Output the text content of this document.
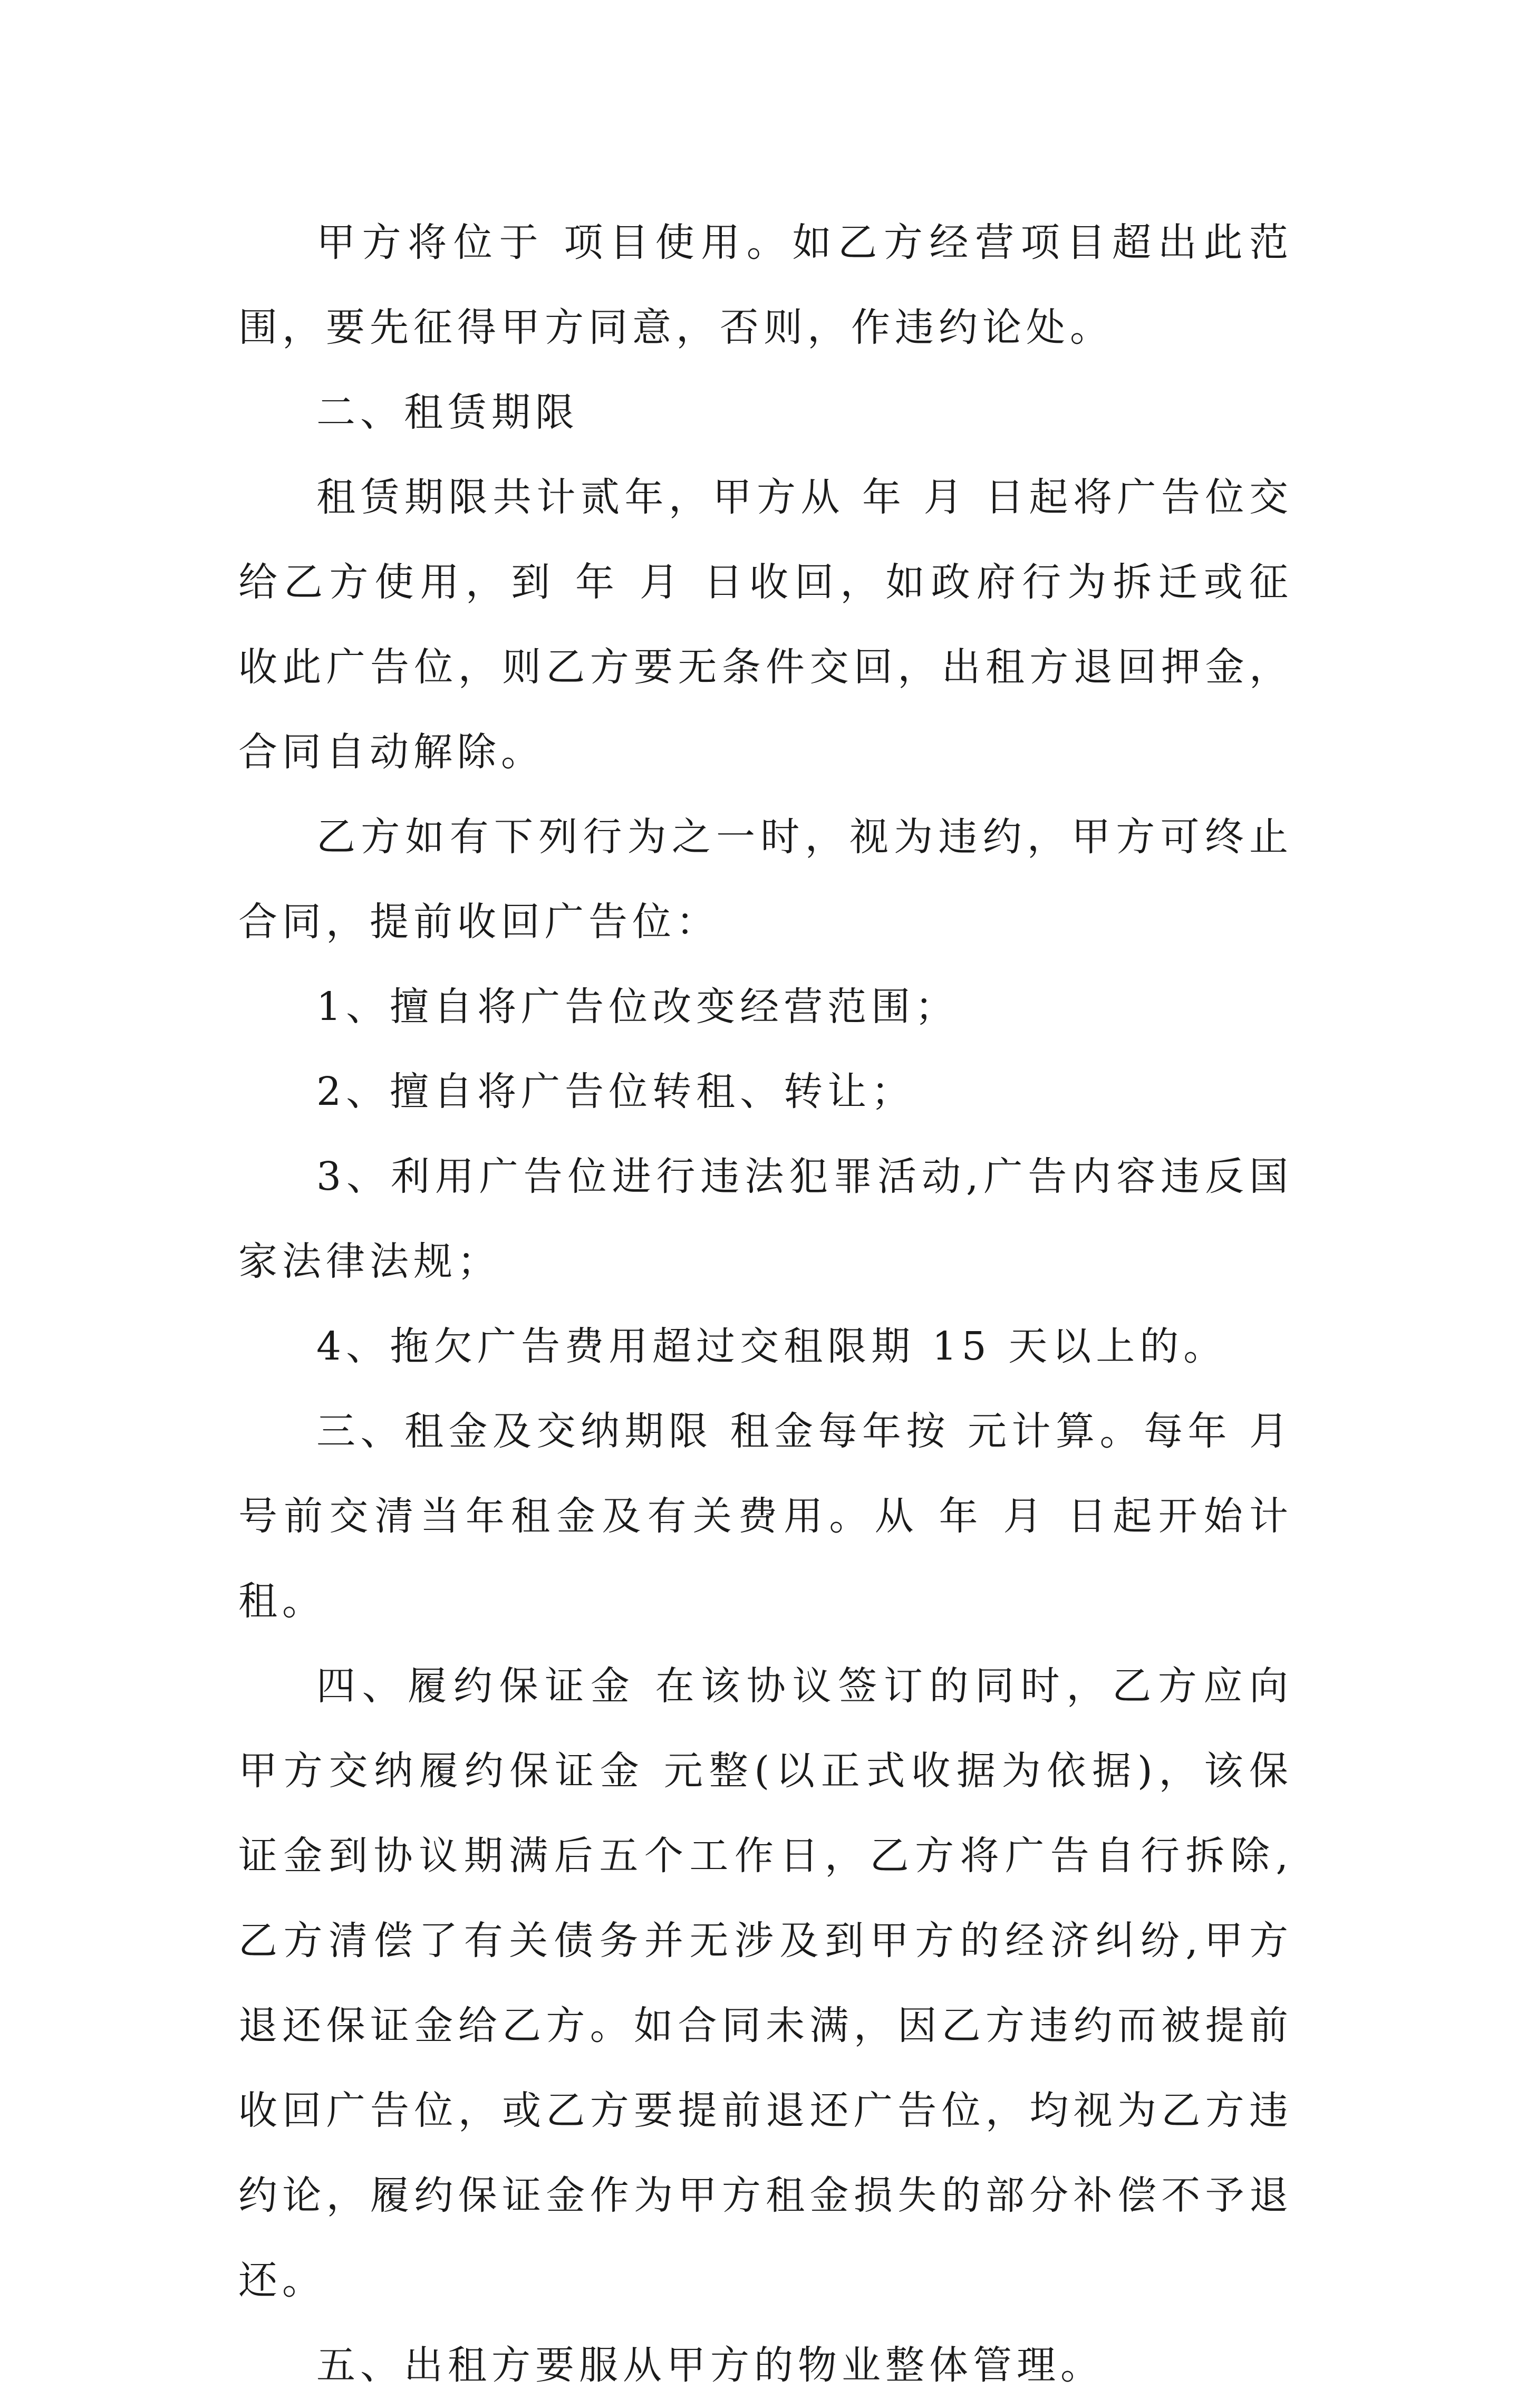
甲方将位于 项目使用。如乙方经营项目超出此范围，要先征得甲方同意，否则，作违约论处。

二、租赁期限

租赁期限共计贰年，甲方从 年 月 日起将广告位交给乙方使用，到 年 月 日收回，如政府行为拆迁或征收此广告位，则乙方要无条件交回，出租方退回押金，合同自动解除。

乙方如有下列行为之一时，视为违约，甲方可终止合同，提前收回广告位：

1、擅自将广告位改变经营范围；

2、擅自将广告位转租、转让；

3、利用广告位进行违法犯罪活动,广告内容违反国家法律法规；

4、拖欠广告费用超过交租限期 15 天以上的。

三、租金及交纳期限 租金每年按 元计算。每年 月 号前交清当年租金及有关费用。从 年 月 日起开始计租。

四、履约保证金 在该协议签订的同时，乙方应向甲方交纳履约保证金 元整(以正式收据为依据)，该保证金到协议期满后五个工作日，乙方将广告自行拆除,乙方清偿了有关债务并无涉及到甲方的经济纠纷,甲方退还保证金给乙方。如合同未满，因乙方违约而被提前收回广告位，或乙方要提前退还广告位，均视为乙方违约论，履约保证金作为甲方租金损失的部分补偿不予退还。

五、出租方要服从甲方的物业整体管理。
